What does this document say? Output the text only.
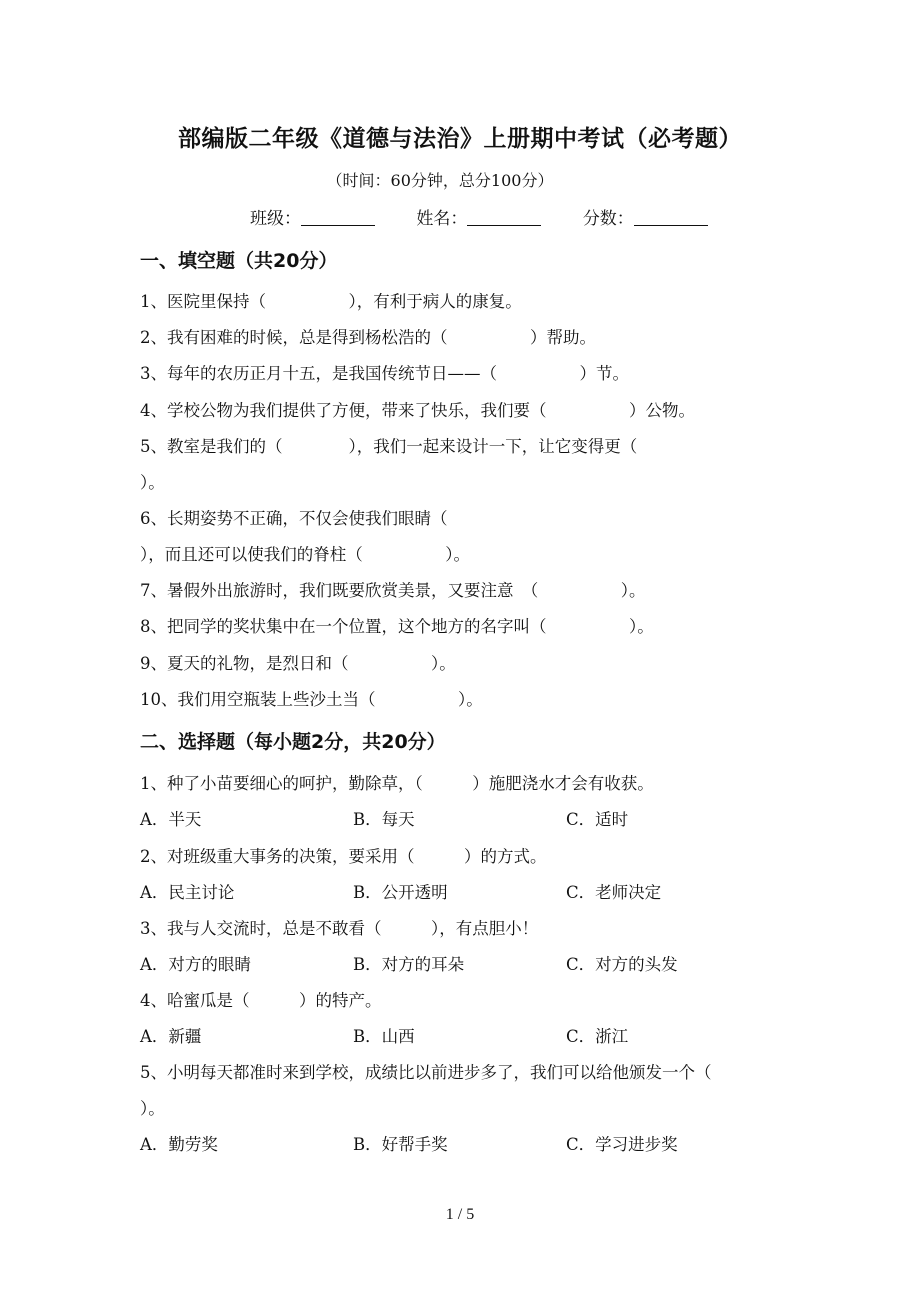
部编版二年级《道德与法治》上册期中考试（必考题）
（时间：60分钟，总分100分）
班级：	姓名：	分数：
一、填空题（共20分）
1、医院里保持（　　　　　），有利于病人的康复。
2、我有困难的时候，总是得到杨松浩的（　　　　　）帮助。
3、每年的农历正月十五，是我国传统节日——（　　　　　）节。
4、学校公物为我们提供了方便，带来了快乐，我们要（　　　　　）公物。
5、教室是我们的（　　　　），我们一起来设计一下，让它变得更（
）。
6、长期姿势不正确，不仅会使我们眼睛（
），而且还可以使我们的脊柱（　　　　　）。
7、暑假外出旅游时，我们既要欣赏美景，又要注意　（　　　　　）。
8、把同学的奖状集中在一个位置，这个地方的名字叫（　　　　　）。
9、夏天的礼物，是烈日和（　　　　　）。
10、我们用空瓶装上些沙土当（　　　　　）。
二、选择题（每小题2分，共20分）
1、种了小苗要细心的呵护，勤除草，（　　　）施肥浇水才会有收获。
A．半天	B．每天	C．适时
2、对班级重大事务的决策，要采用（　　　）的方式。
A．民主讨论	B．公开透明	C．老师决定
3、我与人交流时，总是不敢看（　　　），有点胆小！
A．对方的眼睛	B．对方的耳朵	C．对方的头发
4、哈蜜瓜是（　　　）的特产。
A．新疆	B．山西	C．浙江
5、小明每天都准时来到学校，成绩比以前进步多了，我们可以给他颁发一个（
）。
A．勤劳奖	B．好帮手奖	C．学习进步奖
1 / 5
